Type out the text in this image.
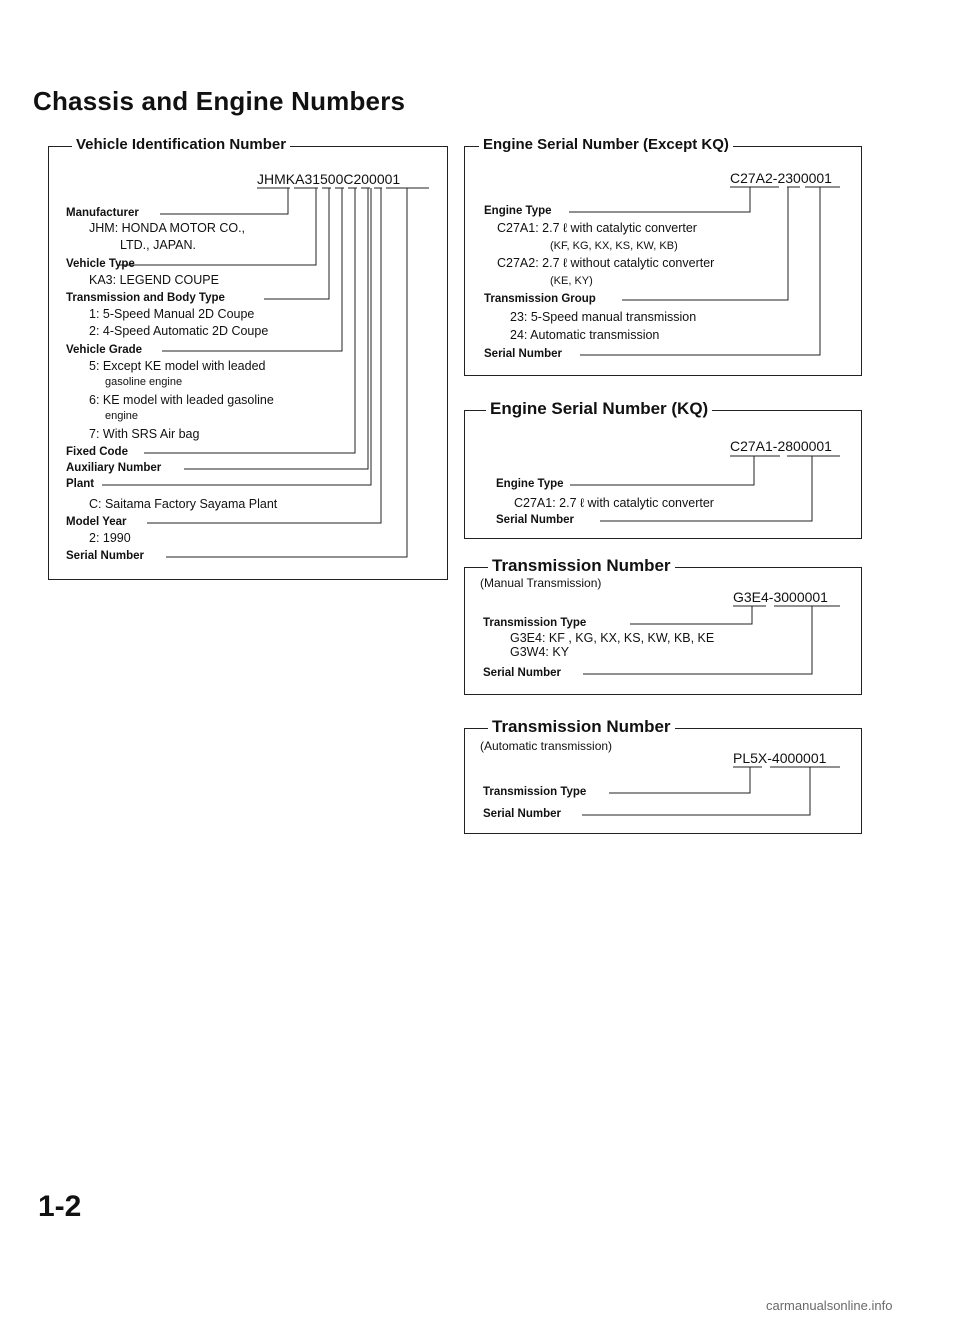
Chassis and Engine Numbers
Vehicle Identification Number
JHMKA31500C200001
Manufacturer
JHM: HONDA MOTOR CO.,
LTD., JAPAN.
Vehicle Type
KA3: LEGEND COUPE
Transmission and Body Type
1: 5-Speed Manual 2D Coupe
2: 4-Speed Automatic 2D Coupe
Vehicle Grade
5: Except KE model with leaded
gasoline engine
6: KE model with leaded gasoline
engine
7: With SRS Air bag
Fixed Code
Auxiliary Number
Plant
C: Saitama Factory Sayama Plant
Model Year
2: 1990
Serial Number
Engine Serial Number (Except KQ)
C27A2-2300001
Engine Type
C27A1: 2.7 ℓ with catalytic converter
(KF, KG, KX, KS, KW, KB)
C27A2: 2.7 ℓ without catalytic converter
(KE, KY)
Transmission Group
23: 5-Speed manual transmission
24: Automatic transmission
Serial Number
Engine Serial Number (KQ)
C27A1-2800001
Engine Type
C27A1: 2.7 ℓ with catalytic converter
Serial Number
Transmission Number
(Manual Transmission)
G3E4-3000001
Transmission Type
G3E4: KF , KG, KX, KS, KW, KB, KE
G3W4: KY
Serial Number
Transmission Number
(Automatic transmission)
PL5X-4000001
Transmission Type
Serial Number
1-2
carmanualsonline.info
